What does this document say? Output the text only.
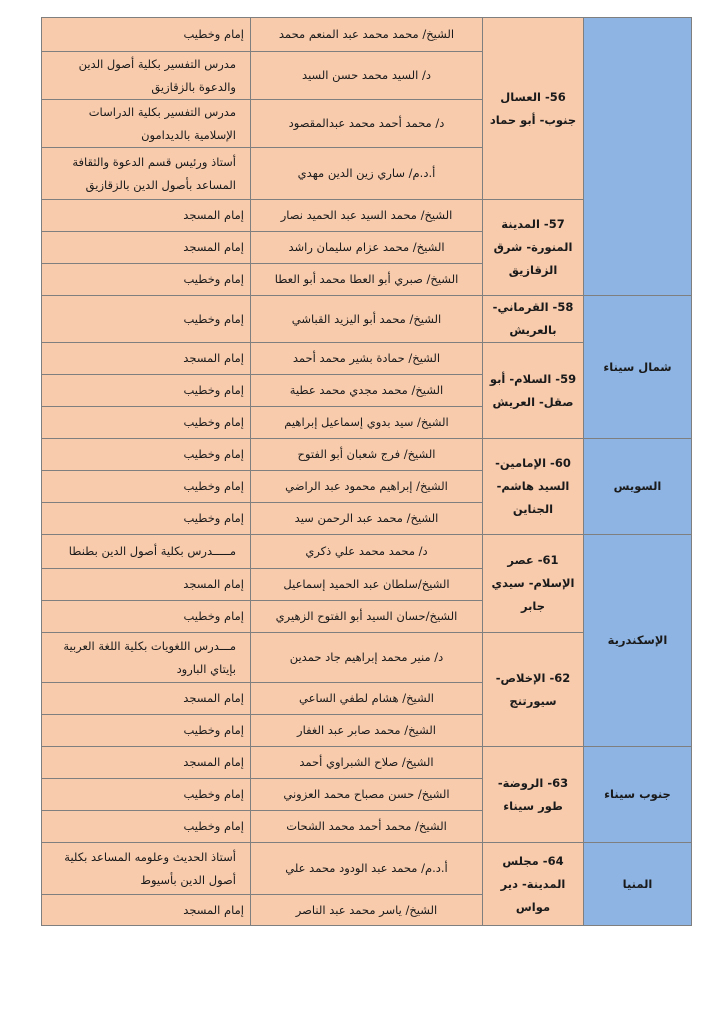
	56- العسال جنوب- أبو حماد	الشيخ/ محمد محمد عبد المنعم محمد	إمام وخطيب
		د/ السيد محمد حسن السيد	مدرس التفسير بكلية أصول الدين والدعوة بالزقازيق
		د/ محمد أحمد محمد عبدالمقصود	مدرس التفسير بكلية الدراسات الإسلامية بالديدامون
		أ.د.م/ ساري زين الدين مهدي	أستاذ ورئيس قسم الدعوة والثقافة المساعد بأصول الدين بالزقازيق
	57- المدينة المنورة- شرق الزقازيق	الشيخ/ محمد السيد عبد الحميد نصار	إمام المسجد
		الشيخ/ محمد عزام سليمان راشد	إمام المسجد
		الشيخ/ صبري أبو العطا محمد أبو العطا	إمام وخطيب
شمال سيناء	58- القرماني- بالعريش	الشيخ/ محمد أبو اليزيد القباشي	إمام وخطيب
	59- السلام- أبو صقل- العريش	الشيخ/ حمادة بشير محمد أحمد	إمام المسجد
		الشيخ/ محمد مجدي محمد عطية	إمام وخطيب
		الشيخ/ سيد بدوي إسماعيل إبراهيم	إمام وخطيب
السويس	60- الإمامين- السيد هاشم- الجناين	الشيخ/ فرج شعبان أبو الفتوح	إمام وخطيب
		الشيخ/ إبراهيم محمود عبد الراضي	إمام وخطيب
		الشيخ/ محمد عبد الرحمن سيد	إمام وخطيب
الإسكندرية	61- عصر الإسلام- سيدي جابر	د/ محمد محمد علي ذكري	مـــــدرس بكلية أصول الدين بطنطا
		الشيخ/سلطان عبد الحميد إسماعيل	إمام المسجد
		الشيخ/حسان السيد أبو الفتوح الزهيري	إمام وخطيب
	62- الإخلاص- سيورتنج	د/ منير محمد إبراهيم جاد حمدين	مـــدرس اللغويات بكلية اللغة العربية بإيتاي البارود
		الشيخ/ هشام لطفي الساعي	إمام المسجد
		الشيخ/ محمد صابر عبد الغفار	إمام وخطيب
جنوب سيناء	63- الروضة- طور سيناء	الشيخ/ صلاح الشبراوي أحمد	إمام المسجد
		الشيخ/ حسن مصباح محمد العزوني	إمام وخطيب
		الشيخ/ محمد أحمد محمد الشحات	إمام وخطيب
المنيا	64- مجلس المدينة- دير مواس	أ.د.م/ محمد عبد الودود محمد علي	أستاذ الحديث وعلومه المساعد بكلية أصول الدين بأسيوط
		الشيخ/ ياسر محمد عبد الناصر	إمام المسجد
